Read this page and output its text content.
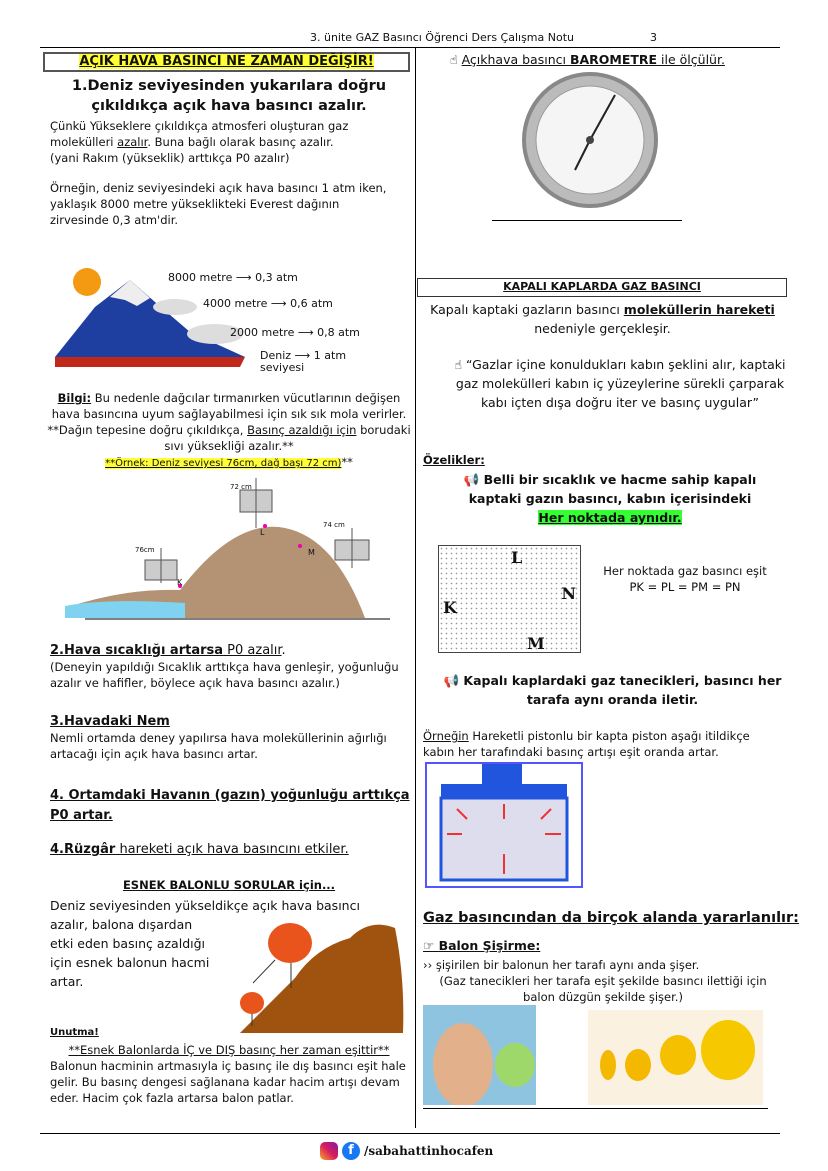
3. ünite GAZ Basıncı Öğrenci Ders Çalışma Notu	3
AÇIK HAVA BASINCI NE ZAMAN DEĞİŞİR!
1.Deniz seviyesinden yukarılara doğru çıkıldıkça açık hava basıncı azalır.
Çünkü Yükseklere çıkıldıkça atmosferi oluşturan gaz molekülleri azalır. Buna bağlı olarak basınç azalır.
(yani Rakım (yükseklik) arttıkça P0 azalır)
Örneğin, deniz seviyesindeki açık hava basıncı 1 atm iken, yaklaşık 8000 metre yükseklikteki Everest dağının zirvesinde 0,3 atm'dir.
8000 metre ⟶ 0,3 atm
4000 metre ⟶ 0,6 atm
2000 metre ⟶ 0,8 atm
Deniz ⟶ 1 atm
seviyesi
Bilgi: Bu nedenle dağcılar tırmanırken vücutlarının değişen hava basıncına uyum sağlayabilmesi için sık sık mola verirler.
**Dağın tepesine doğru çıkıldıkça, Basınç azaldığı için borudaki sıvı yüksekliği azalır.**
**Örnek: Deniz seviyesi 76cm, dağ başı 72 cm)**
72 cm
74 cm
76cm
K
L
M
2.Hava sıcaklığı artarsa P0 azalır.
(Deneyin yapıldığı Sıcaklık arttıkça hava genleşir, yoğunluğu azalır ve hafifler, böylece açık hava basıncı azalır.)
3.Havadaki Nem
Nemli ortamda deney yapılırsa hava moleküllerinin ağırlığı artacağı için açık hava basıncı artar.
4. Ortamdaki Havanın (gazın) yoğunluğu arttıkça P0 artar.
4.Rüzgâr hareketi açık hava basıncını etkiler.
ESNEK BALONLU SORULAR için...
Deniz seviyesinden yükseldikçe açık hava basıncı
azalır, balona dışardan etki eden basınç azaldığı için esnek balonun hacmi artar.
Unutma!
**Esnek Balonlarda İÇ ve DIŞ basınç her zaman eşittir**
Balonun hacminin artmasıyla iç basınç ile dış basıncı eşit hale gelir. Bu basınç dengesi sağlanana kadar hacim artışı devam eder. Hacim çok fazla artarsa balon patlar.
☝ Açıkhava basıncı BAROMETRE ile ölçülür.
KAPALI KAPLARDA GAZ BASINCI
Kapalı kaptaki gazların basıncı moleküllerin hareketi nedeniyle gerçekleşir.
☝ “Gazlar içine konuldukları kabın şeklini alır, kaptaki gaz molekülleri kabın iç yüzeylerine sürekli çarparak kabı içten dışa doğru iter ve basınç uygular”
Özelikler:
📢 Belli bir sıcaklık ve hacme sahip kapalı kaptaki gazın basıncı, kabın içerisindeki
Her noktada aynıdır.
L
N
K
M
Her noktada gaz basıncı eşit
PK = PL = PM = PN
📢 Kapalı kaplardaki gaz tanecikleri, basıncı her tarafa aynı oranda iletir.
Örneğin Hareketli pistonlu bir kapta piston aşağı itildikçe kabın her tarafındaki basınç artışı eşit oranda artar.
Gaz basıncından da birçok alanda yararlanılır:
☞ Balon Şişirme:
›› şişirilen bir balonun her tarafı aynı anda şişer.
(Gaz tanecikleri her tarafa eşit şekilde basıncı ilettiği için balon düzgün şekilde şişer.)
f /sabahattinhocafen
